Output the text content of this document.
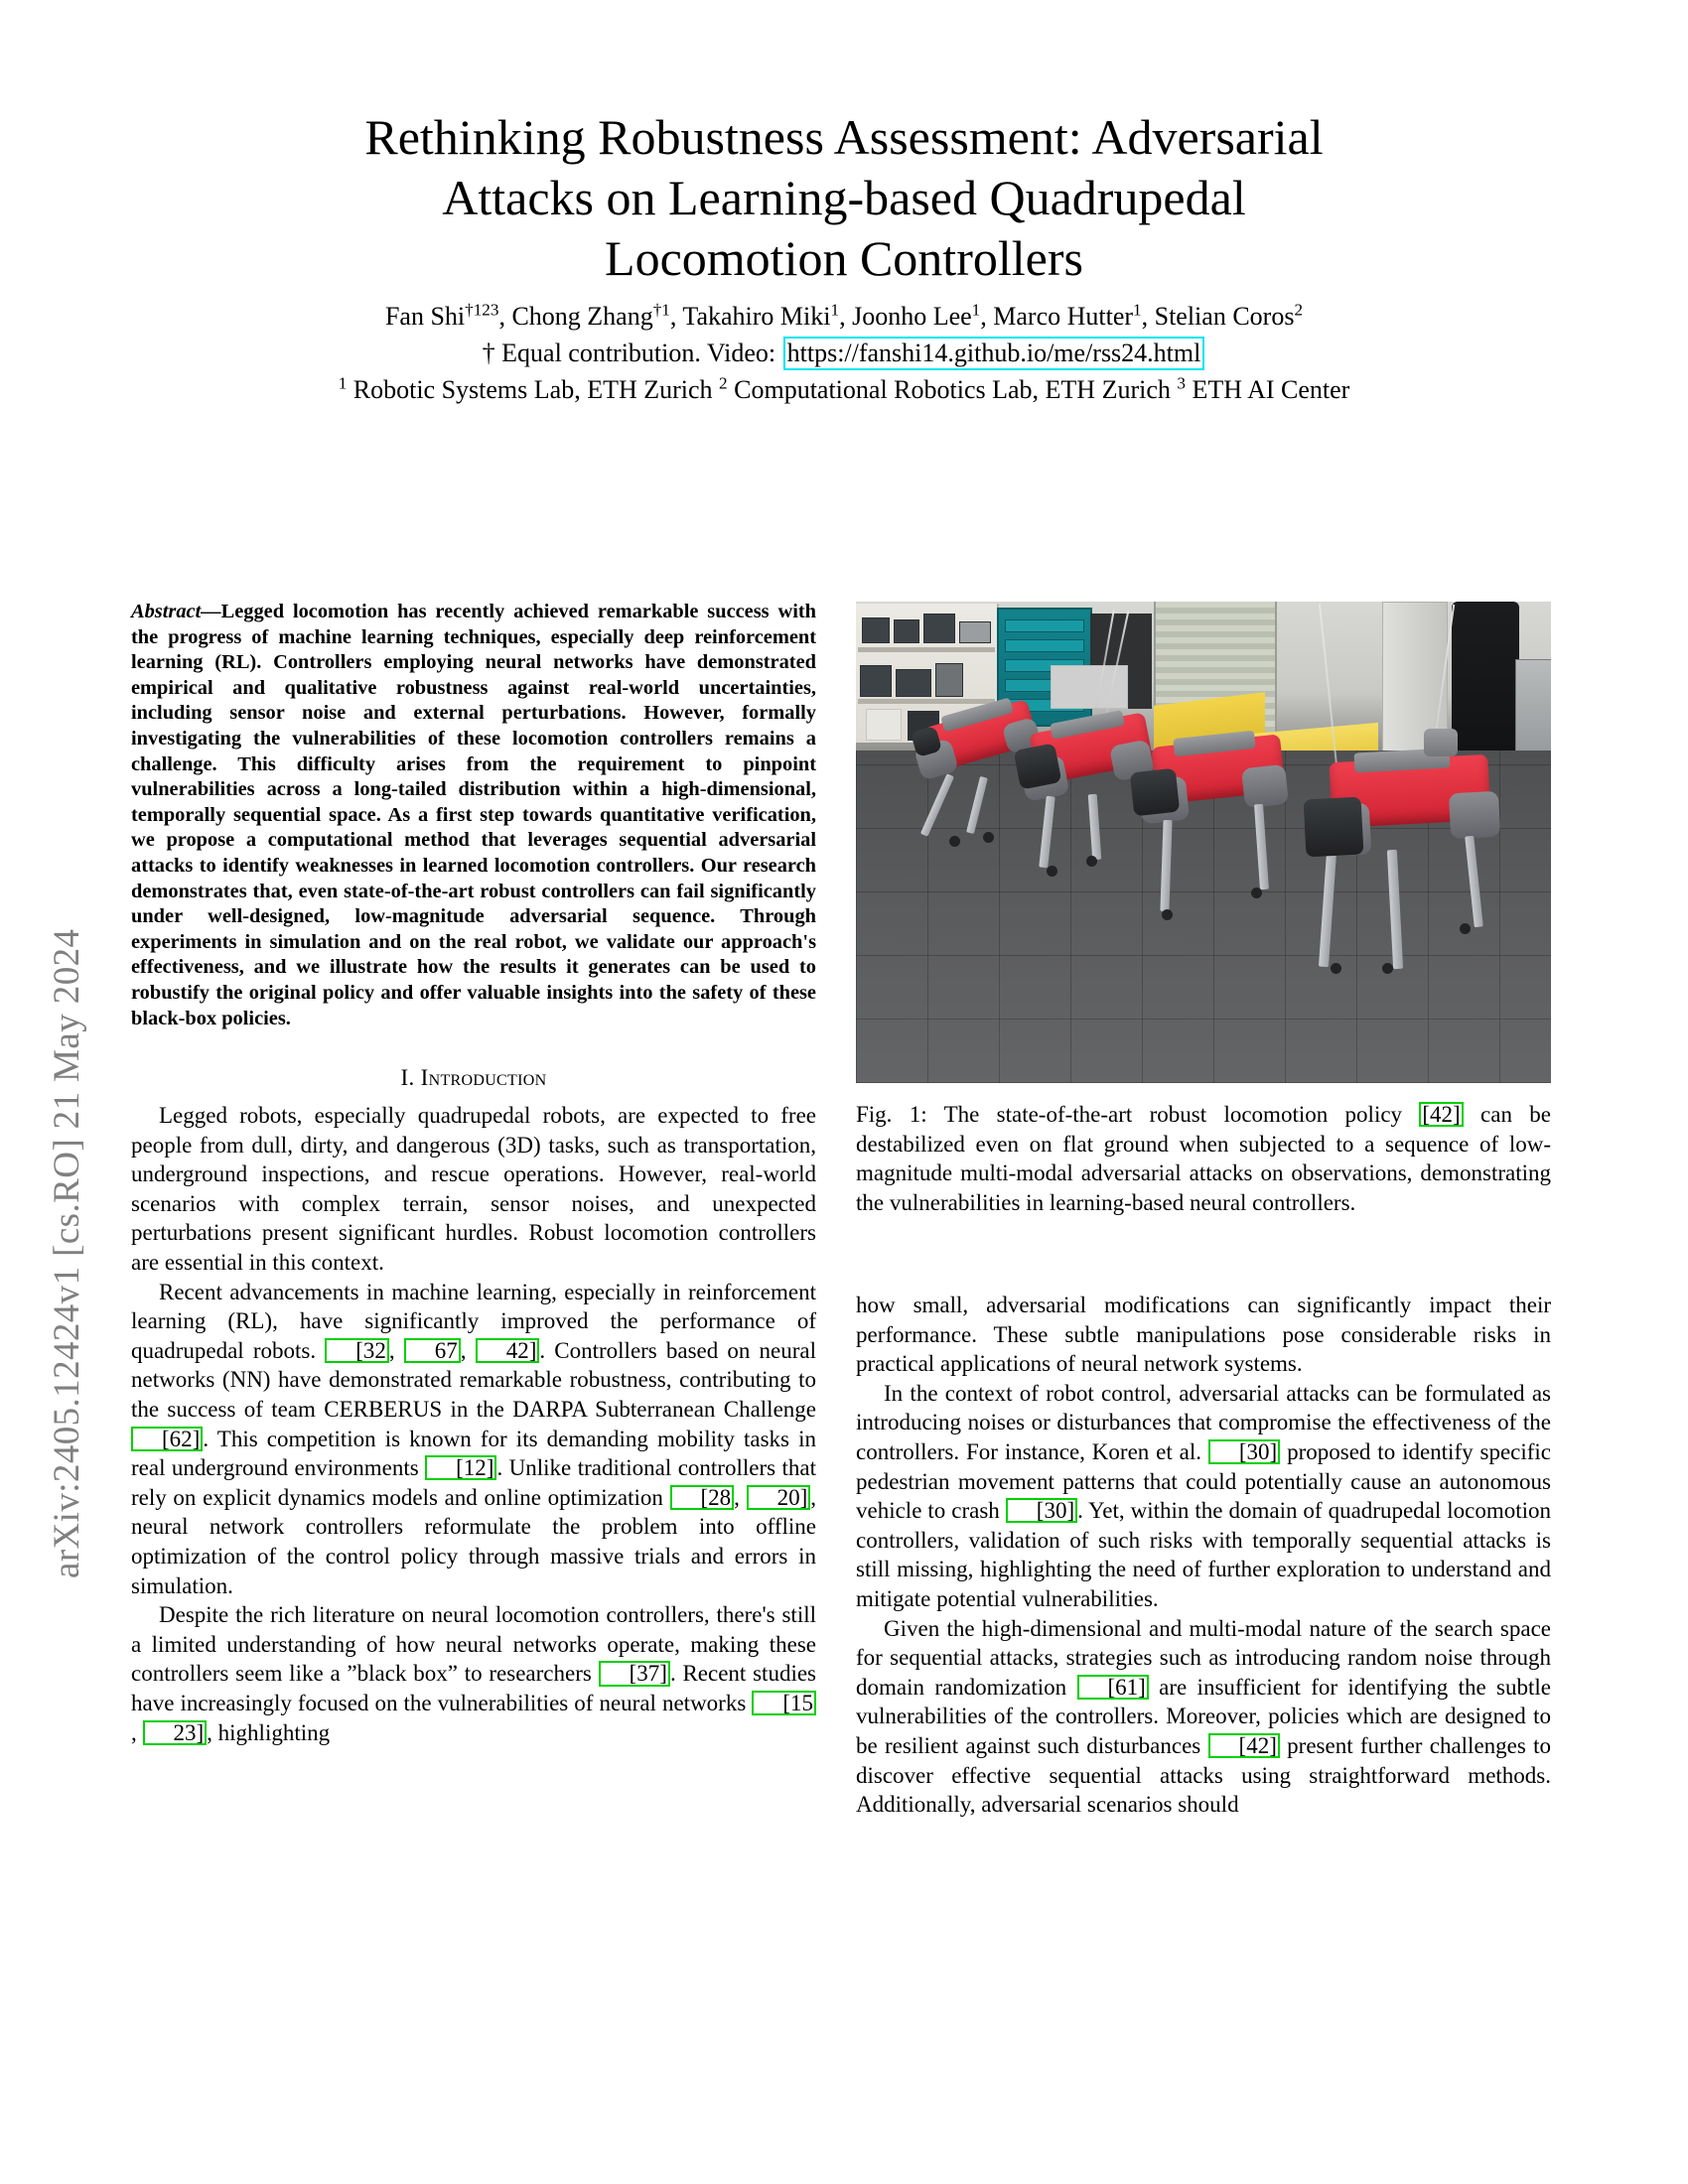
arXiv:2405.12424v1 [cs.RO] 21 May 2024
Rethinking Robustness Assessment: Adversarial
Attacks on Learning-based Quadrupedal
Locomotion Controllers
Fan Shi$^{\dagger 123}$, Chong Zhang$^{\dagger 1}$, Takahiro Miki$^1$, Joonho Lee$^1$, Marco Hutter$^1$, Stelian Coros$^2$
† Equal contribution. Video: https://fanshi14.github.io/me/rss24.html
$^1$ Robotic Systems Lab, ETH Zurich $^2$ Computational Robotics Lab, ETH Zurich $^3$ ETH AI Center

Abstract—Legged locomotion has recently achieved remarkable success with the progress of machine learning techniques, especially deep reinforcement learning (RL). Controllers employing neural networks have demonstrated empirical and qualitative robustness against real-world uncertainties, including sensor noise and external perturbations. However, formally investigating the vulnerabilities of these locomotion controllers remains a challenge. This difficulty arises from the requirement to pinpoint vulnerabilities across a long-tailed distribution within a high-dimensional, temporally sequential space. As a first step towards quantitative verification, we propose a computational method that leverages sequential adversarial attacks to identify weaknesses in learned locomotion controllers. Our research demonstrates that, even state-of-the-art robust controllers can fail significantly under well-designed, low-magnitude adversarial sequence. Through experiments in simulation and on the real robot, we validate our approach's effectiveness, and we illustrate how the results it generates can be used to robustify the original policy and offer valuable insights into the safety of these black-box policies.

I. Introduction

Legged robots, especially quadrupedal robots, are expected to free people from dull, dirty, and dangerous (3D) tasks, such as transportation, underground inspections, and rescue operations. However, real-world scenarios with complex terrain, sensor noises, and unexpected perturbations present significant hurdles. Robust locomotion controllers are essential in this context.

Recent advancements in machine learning, especially in reinforcement learning (RL), have significantly improved the performance of quadrupedal robots. [32 , 67 , 42] . Controllers based on neural networks (NN) have demonstrated remarkable robustness, contributing to the success of team CERBERUS in the DARPA Subterranean Challenge [62] . This competition is known for its demanding mobility tasks in real underground environments [12] . Unlike traditional controllers that rely on explicit dynamics models and online optimization [28 , 20] , neural network controllers reformulate the problem into offline optimization of the control policy through massive trials and errors in simulation.

Despite the rich literature on neural locomotion controllers, there's still a limited understanding of how neural networks operate, making these controllers seem like a ”black box” to researchers [37] . Recent studies have increasingly focused on the vulnerabilities of neural networks [15, 23] , highlighting

Fig. 1: The state-of-the-art robust locomotion policy [42] can be destabilized even on flat ground when subjected to a sequence of low-magnitude multi-modal adversarial attacks on observations, demonstrating the vulnerabilities in learning-based neural controllers.

how small, adversarial modifications can significantly impact their performance. These subtle manipulations pose considerable risks in practical applications of neural network systems.

In the context of robot control, adversarial attacks can be formulated as introducing noises or disturbances that compromise the effectiveness of the controllers. For instance, Koren et al. [30] proposed to identify specific pedestrian movement patterns that could potentially cause an autonomous vehicle to crash [30] . Yet, within the domain of quadrupedal locomotion controllers, validation of such risks with temporally sequential attacks is still missing, highlighting the need of further exploration to understand and mitigate potential vulnerabilities.

Given the high-dimensional and multi-modal nature of the search space for sequential attacks, strategies such as introducing random noise through domain randomization [61] are insufficient for identifying the subtle vulnerabilities of the controllers. Moreover, policies which are designed to be resilient against such disturbances [42] present further challenges to discover effective sequential attacks using straightforward methods. Additionally, adversarial scenarios should
